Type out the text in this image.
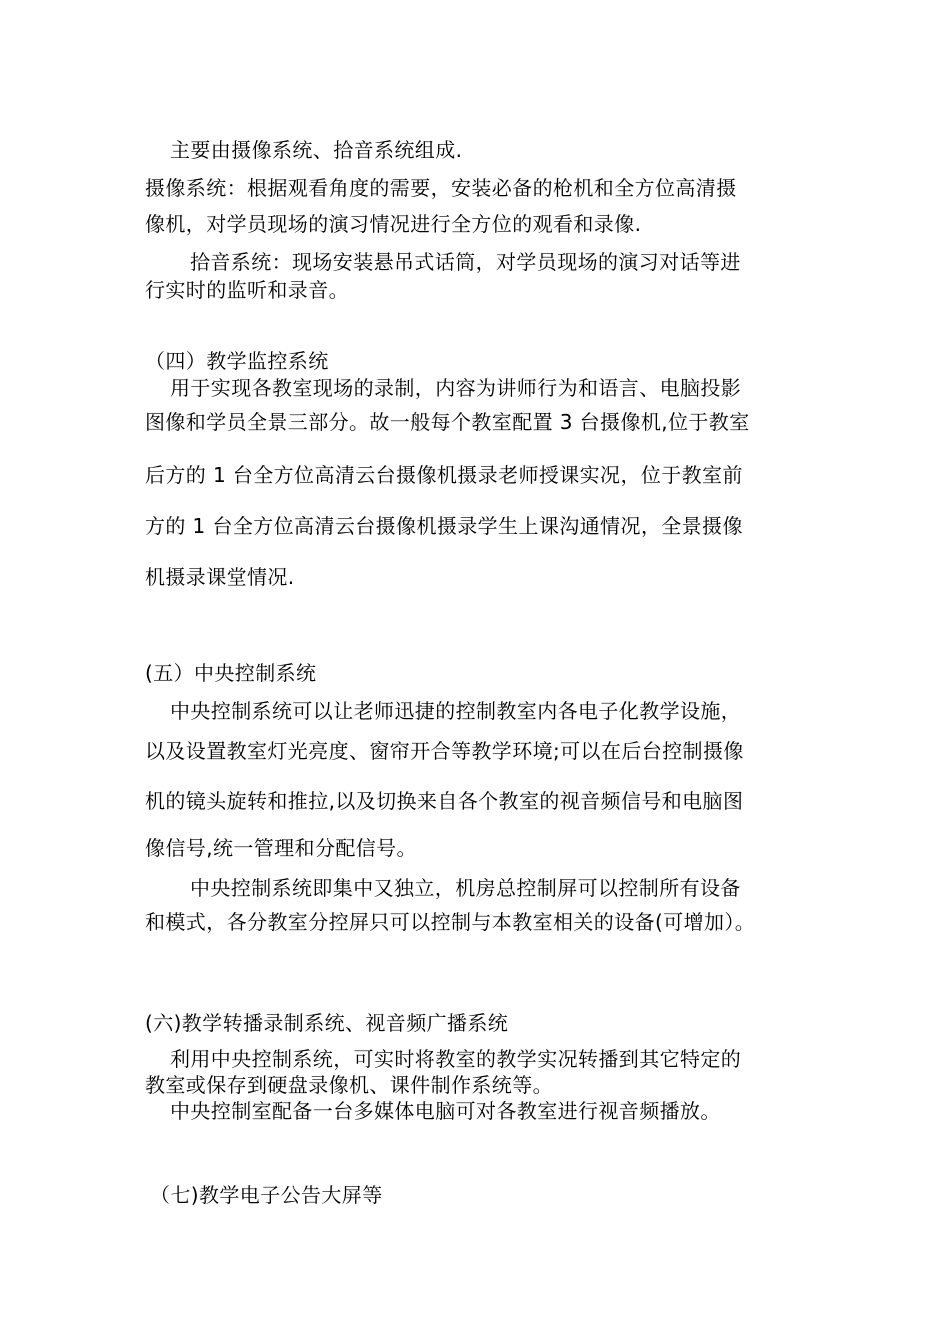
主要由摄像系统、拾音系统组成.

摄像系统：根据观看角度的需要，安装必备的枪机和全方位高清摄

像机，对学员现场的演习情况进行全方位的观看和录像.

拾音系统：现场安装悬吊式话筒，对学员现场的演习对话等进

行实时的监听和录音。

（四）教学监控系统

用于实现各教室现场的录制，内容为讲师行为和语言、电脑投影

图像和学员全景三部分。故一般每个教室配置 3 台摄像机,位于教室

后方的 1 台全方位高清云台摄像机摄录老师授课实况，位于教室前

方的 1 台全方位高清云台摄像机摄录学生上课沟通情况，全景摄像

机摄录课堂情况.

(五）中央控制系统

中央控制系统可以让老师迅捷的控制教室内各电子化教学设施，

以及设置教室灯光亮度、窗帘开合等教学环境;可以在后台控制摄像

机的镜头旋转和推拉,以及切换来自各个教室的视音频信号和电脑图

像信号,统一管理和分配信号。

中央控制系统即集中又独立，机房总控制屏可以控制所有设备

和模式，各分教室分控屏只可以控制与本教室相关的设备(可增加）。

(六)教学转播录制系统、视音频广播系统

利用中央控制系统，可实时将教室的教学实况转播到其它特定的

教室或保存到硬盘录像机、课件制作系统等。

中央控制室配备一台多媒体电脑可对各教室进行视音频播放。

（七)教学电子公告大屏等
